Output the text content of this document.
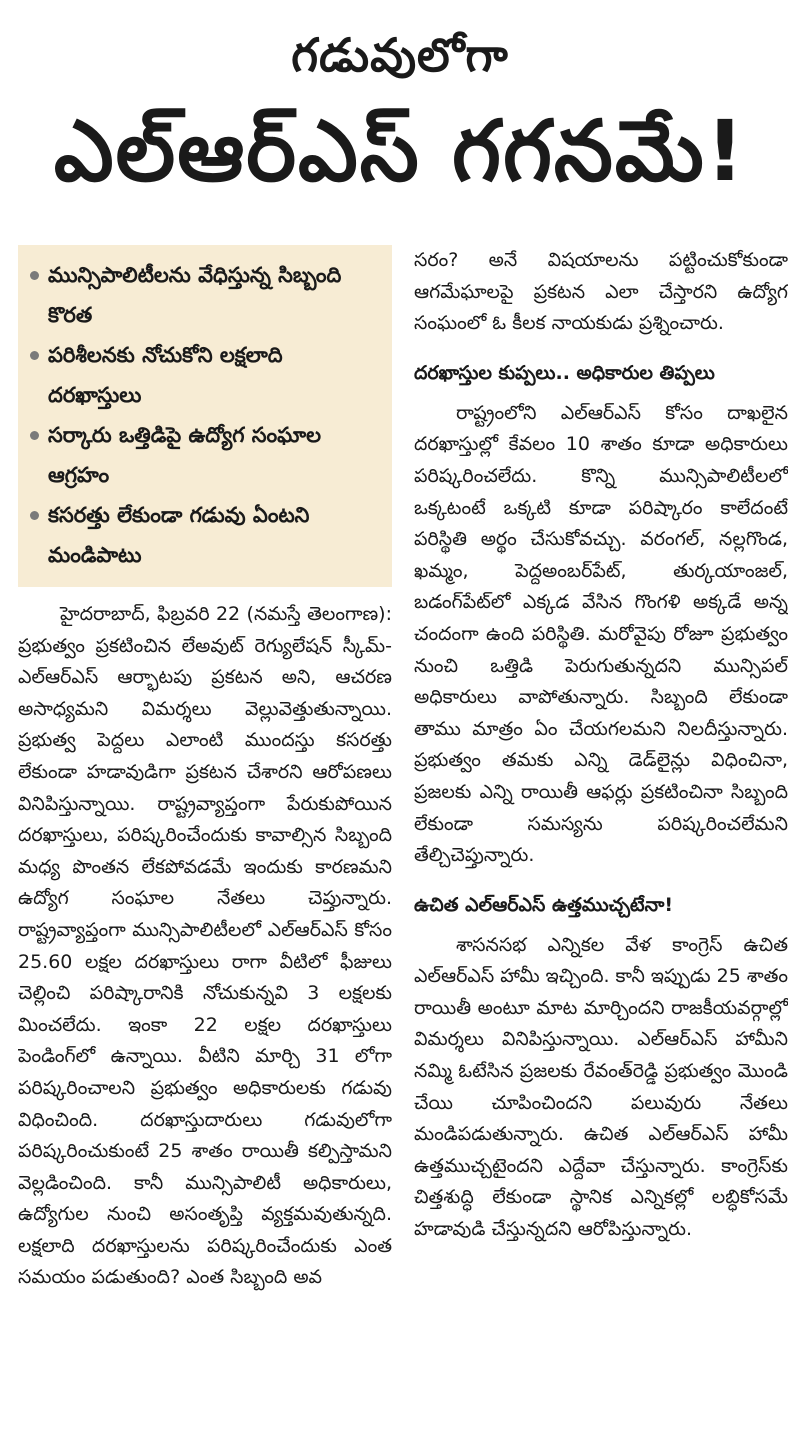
గడువులోగా
ఎల్‌ఆర్‌ఎస్‌ గగనమే!
మున్సిపాలిటీలను వేధిస్తున్న సిబ్బంది కొరత
పరిశీలనకు నోచుకోని లక్షలాది దరఖాస్తులు
సర్కారు ఒత్తిడిపై ఉద్యోగ సంఘాల ఆగ్రహం
కసరత్తు లేకుండా గడువు ఏంటని మండిపాటు

హైదరాబాద్‌, ఫిబ్రవరి 22 (నమస్తే తెలంగాణ): ప్రభుత్వం ప్రకటించిన లేఅవుట్‌ రెగ్యులేషన్‌ స్కీమ్‌-ఎల్‌ఆర్‌ఎస్‌ ఆర్భాటపు ప్రకటన అని, ఆచరణ అసాధ్యమని విమర్శలు వెల్లువెత్తుతున్నాయి. ప్రభుత్వ పెద్దలు ఎలాంటి ముందస్తు కసరత్తు లేకుండా హడావుడిగా ప్రకటన చేశారని ఆరోపణలు వినిపిస్తున్నాయి. రాష్ట్రవ్యాప్తంగా పేరుకుపోయిన దరఖాస్తులు, పరిష్కరించేందుకు కావాల్సిన సిబ్బంది మధ్య పొంతన లేకపోవడమే ఇందుకు కారణమని ఉద్యోగ సంఘాల నేతలు చెప్తున్నారు. రాష్ట్రవ్యాప్తంగా మున్సిపాలిటీలలో ఎల్‌ఆర్‌ఎస్‌ కోసం 25.60 లక్షల దరఖాస్తులు రాగా వీటిలో ఫీజులు చెల్లించి పరిష్కారానికి నోచుకున్నవి 3 లక్షలకు మించలేదు. ఇంకా 22 లక్షల దరఖాస్తులు పెండింగ్‌లో ఉన్నాయి. వీటిని మార్చి 31 లోగా పరిష్కరించాలని ప్రభుత్వం అధికారులకు గడువు విధించింది. దరఖాస్తుదారులు గడువులోగా పరిష్కరించుకుంటే 25 శాతం రాయితీ కల్పిస్తామని వెల్లడించింది. కానీ మున్సిపాలిటీ అధికారులు, ఉద్యోగుల నుంచి అసంతృప్తి వ్యక్తమవుతున్నది. లక్షలాది దరఖాస్తులను పరిష్కరించేందుకు ఎంత సమయం పడుతుంది? ఎంత సిబ్బంది అవ

సరం? అనే విషయాలను పట్టించుకోకుండా ఆగమేఘాలపై ప్రకటన ఎలా చేస్తారని ఉద్యోగ సంఘంలో ఓ కీలక నాయకుడు ప్రశ్నించారు.

దరఖాస్తుల కుప్పలు.. అధికారుల తిప్పలు

రాష్ట్రంలోని ఎల్‌ఆర్‌ఎస్‌ కోసం దాఖలైన దరఖాస్తుల్లో కేవలం 10 శాతం కూడా అధికారులు పరిష్కరించలేదు. కొన్ని మున్సిపాలిటీలలో ఒక్కటంటే ఒక్కటి కూడా పరిష్కారం కాలేదంటే పరిస్థితి అర్థం చేసుకోవచ్చు. వరంగల్‌, నల్లగొండ, ఖమ్మం, పెద్దఅంబర్‌పేట్‌, తుర్కయాంజల్‌, బడంగ్‌పేట్‌లో ఎక్కడ వేసిన గొంగళి అక్కడే అన్న చందంగా ఉంది పరిస్థితి. మరోవైపు రోజూ ప్రభుత్వం నుంచి ఒత్తిడి పెరుగుతున్నదని మున్సిపల్‌ అధికారులు వాపోతున్నారు. సిబ్బంది లేకుండా తాము మాత్రం ఏం చేయగలమని నిలదీస్తున్నారు. ప్రభుత్వం తమకు ఎన్ని డెడ్‌లైన్లు విధించినా, ప్రజలకు ఎన్ని రాయితీ ఆఫర్లు ప్రకటించినా సిబ్బంది లేకుండా సమస్యను పరిష్కరించలేమని తేల్చిచెప్తున్నారు.

ఉచిత ఎల్‌ఆర్‌ఎస్‌ ఉత్తముచ్చటేనా!

శాసనసభ ఎన్నికల వేళ కాంగ్రెస్‌ ఉచిత ఎల్‌ఆర్‌ఎస్‌ హామీ ఇచ్చింది. కానీ ఇప్పుడు 25 శాతం రాయితీ అంటూ మాట మార్చిందని రాజకీయవర్గాల్లో విమర్శలు వినిపిస్తున్నాయి. ఎల్‌ఆర్‌ఎస్‌ హామీని నమ్మి ఓటేసిన ప్రజలకు రేవంత్‌రెడ్డి ప్రభుత్వం మొండి చేయి చూపించిందని పలువురు నేతలు మండిపడుతున్నారు. ఉచిత ఎల్‌ఆర్‌ఎస్‌ హామీ ఉత్తముచ్చటైందని ఎద్దేవా చేస్తున్నారు. కాంగ్రెస్‌కు చిత్తశుద్ధి లేకుండా స్థానిక ఎన్నికల్లో లబ్ధికోసమే హడావుడి చేస్తున్నదని ఆరోపిస్తున్నారు.
